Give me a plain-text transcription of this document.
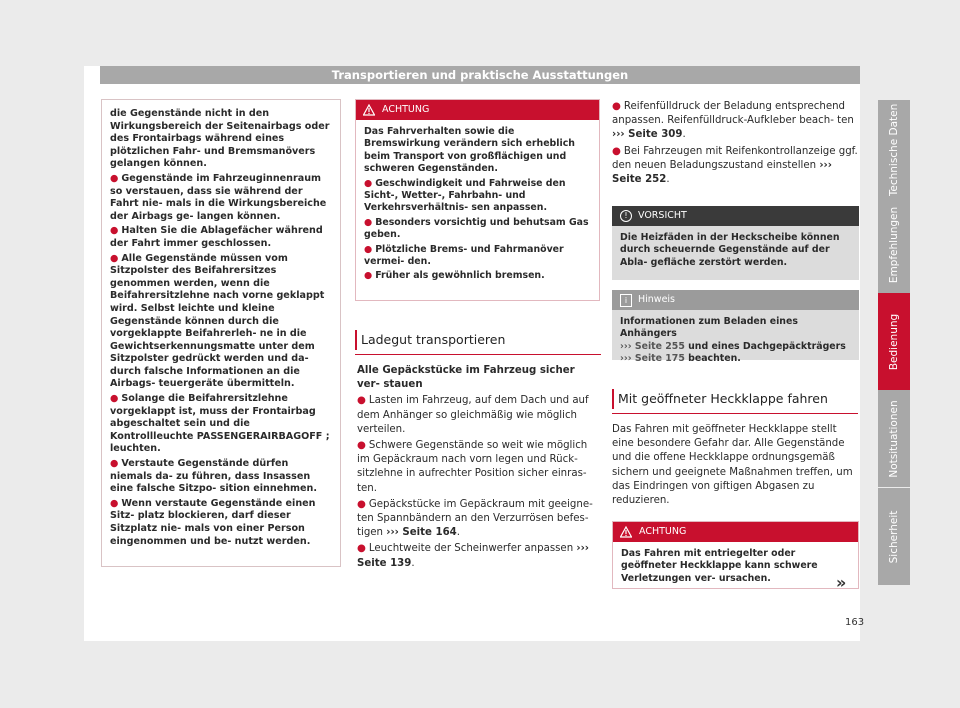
Transportieren und praktische Ausstattungen

die Gegenstände nicht in den Wirkungsbereich der Seitenairbags oder des Frontairbags während eines plötzlichen Fahr- und Bremsmanövers gelangen können.

● Gegenstände im Fahrzeuginnenraum so verstauen, dass sie während der Fahrt nie- mals in die Wirkungsbereiche der Airbags ge- langen können.

● Halten Sie die Ablagefächer während der Fahrt immer geschlossen.

● Alle Gegenstände müssen vom Sitzpolster des Beifahrersitzes genommen werden, wenn die Beifahrersitzlehne nach vorne geklappt wird. Selbst leichte und kleine Gegenstände können durch die vorgeklappte Beifahrerleh- ne in die Gewichtserkennungsmatte unter dem Sitzpolster gedrückt werden und da- durch falsche Informationen an die Airbags- teuergeräte übermitteln.

● Solange die Beifahrersitzlehne vorgeklappt ist, muss der Frontairbag abgeschaltet sein und die Kontrollleuchte PASSENGERAIRBAGOFF ; leuchten.

● Verstaute Gegenstände dürfen niemals da- zu führen, dass Insassen eine falsche Sitzpo- sition einnehmen.

● Wenn verstaute Gegenstände einen Sitz- platz blockieren, darf dieser Sitzplatz nie- mals von einer Person eingenommen und be- nutzt werden.

ACHTUNG

Das Fahrverhalten sowie die Bremswirkung verändern sich erheblich beim Transport von großflächigen und schweren Gegenständen.

● Geschwindigkeit und Fahrweise den Sicht-, Wetter-, Fahrbahn- und Verkehrsverhältnis- sen anpassen.

● Besonders vorsichtig und behutsam Gas geben.

● Plötzliche Brems- und Fahrmanöver vermei- den.

● Früher als gewöhnlich bremsen.

Ladegut transportieren

Alle Gepäckstücke im Fahrzeug sicher ver- stauen

● Lasten im Fahrzeug, auf dem Dach und auf dem Anhänger so gleichmäßig wie möglich verteilen.

● Schwere Gegenstände so weit wie möglich im Gepäckraum nach vorn legen und Rück- sitzlehne in aufrechter Position sicher einras- ten.

● Gepäckstücke im Gepäckraum mit geeigne- ten Spannbändern an den Verzurrösen befes- tigen ››› Seite 164.

● Leuchtweite der Scheinwerfer anpassen ››› Seite 139.

● Reifenfülldruck der Beladung entsprechend anpassen. Reifenfülldruck-Aufkleber beach- ten ››› Seite 309.

● Bei Fahrzeugen mit Reifenkontrollanzeige ggf. den neuen Beladungszustand einstellen ››› Seite 252.

!	VORSICHT
Die Heizfäden in der Heckscheibe können durch scheuernde Gegenstände auf der Abla- gefläche zerstört werden.
i	Hinweis
Informationen zum Beladen eines Anhängers
››› Seite 255 und eines Dachgepäckträgers
››› Seite 175 beachten.
Mit geöffneter Heckklappe fahren

Das Fahren mit geöffneter Heckklappe stellt eine besondere Gefahr dar. Alle Gegenstände und die offene Heckklappe ordnungsgemäß sichern und geeignete Maßnahmen treffen, um das Eindringen von giftigen Abgasen zu reduzieren.

ACHTUNG
Das Fahren mit entriegelter oder geöffneter Heckklappe kann schwere Verletzungen ver- ursachen.	»
Technische Daten
Empfehlungen
Bedienung
Notsituationen
Sicherheit
163
